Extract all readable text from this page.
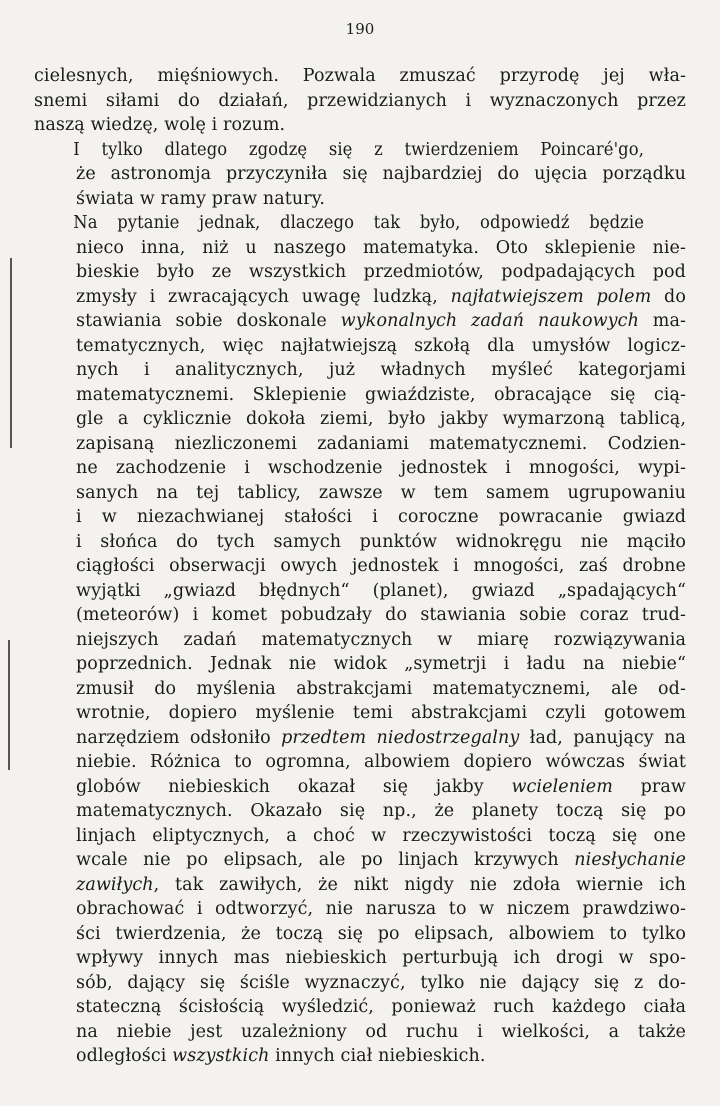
190
cielesnych, mięśniowych. Pozwala zmuszać przyrodę jej wła-
snemi siłami do działań, przewidzianych i wyznaczonych przez
naszą wiedzę, wolę i rozum.
I tylko dlatego zgodzę się z twierdzeniem Poincaré'go,
że astronomja przyczyniła się najbardziej do ujęcia porządku
świata w ramy praw natury.
Na pytanie jednak, dlaczego tak było, odpowiedź będzie
nieco inna, niż u naszego matematyka. Oto sklepienie nie-
bieskie było ze wszystkich przedmiotów, podpadających pod
zmysły i zwracających uwagę ludzką, najłatwiejszem polem do
stawiania sobie doskonale wykonalnych zadań naukowych ma-
tematycznych, więc najłatwiejszą szkołą dla umysłów logicz-
nych i analitycznych, już władnych myśleć kategorjami
matematycznemi. Sklepienie gwiaździste, obracające się cią-
gle a cyklicznie dokoła ziemi, było jakby wymarzoną tablicą,
zapisaną niezliczonemi zadaniami matematycznemi. Codzien-
ne zachodzenie i wschodzenie jednostek i mnogości, wypi-
sanych na tej tablicy, zawsze w tem samem ugrupowaniu
i w niezachwianej stałości i coroczne powracanie gwiazd
i słońca do tych samych punktów widnokręgu nie mąciło
ciągłości obserwacji owych jednostek i mnogości, zaś drobne
wyjątki „gwiazd błędnych“ (planet), gwiazd „spadających“
(meteorów) i komet pobudzały do stawiania sobie coraz trud-
niejszych zadań matematycznych w miarę rozwiązywania
poprzednich. Jednak nie widok „symetrji i ładu na niebie“
zmusił do myślenia abstrakcjami matematycznemi, ale od-
wrotnie, dopiero myślenie temi abstrakcjami czyli gotowem
narzędziem odsłoniło przedtem niedostrzegalny ład, panujący na
niebie. Różnica to ogromna, albowiem dopiero wówczas świat
globów niebieskich okazał się jakby wcieleniem praw
matematycznych. Okazało się np., że planety toczą się po
linjach eliptycznych, a choć w rzeczywistości toczą się one
wcale nie po elipsach, ale po linjach krzywych niesłychanie
zawiłych, tak zawiłych, że nikt nigdy nie zdoła wiernie ich
obrachować i odtworzyć, nie narusza to w niczem prawdziwo-
ści twierdzenia, że toczą się po elipsach, albowiem to tylko
wpływy innych mas niebieskich perturbują ich drogi w spo-
sób, dający się ściśle wyznaczyć, tylko nie dający się z do-
stateczną ścisłością wyśledzić, ponieważ ruch każdego ciała
na niebie jest uzależniony od ruchu i wielkości, a także
odległości wszystkich innych ciał niebieskich.
